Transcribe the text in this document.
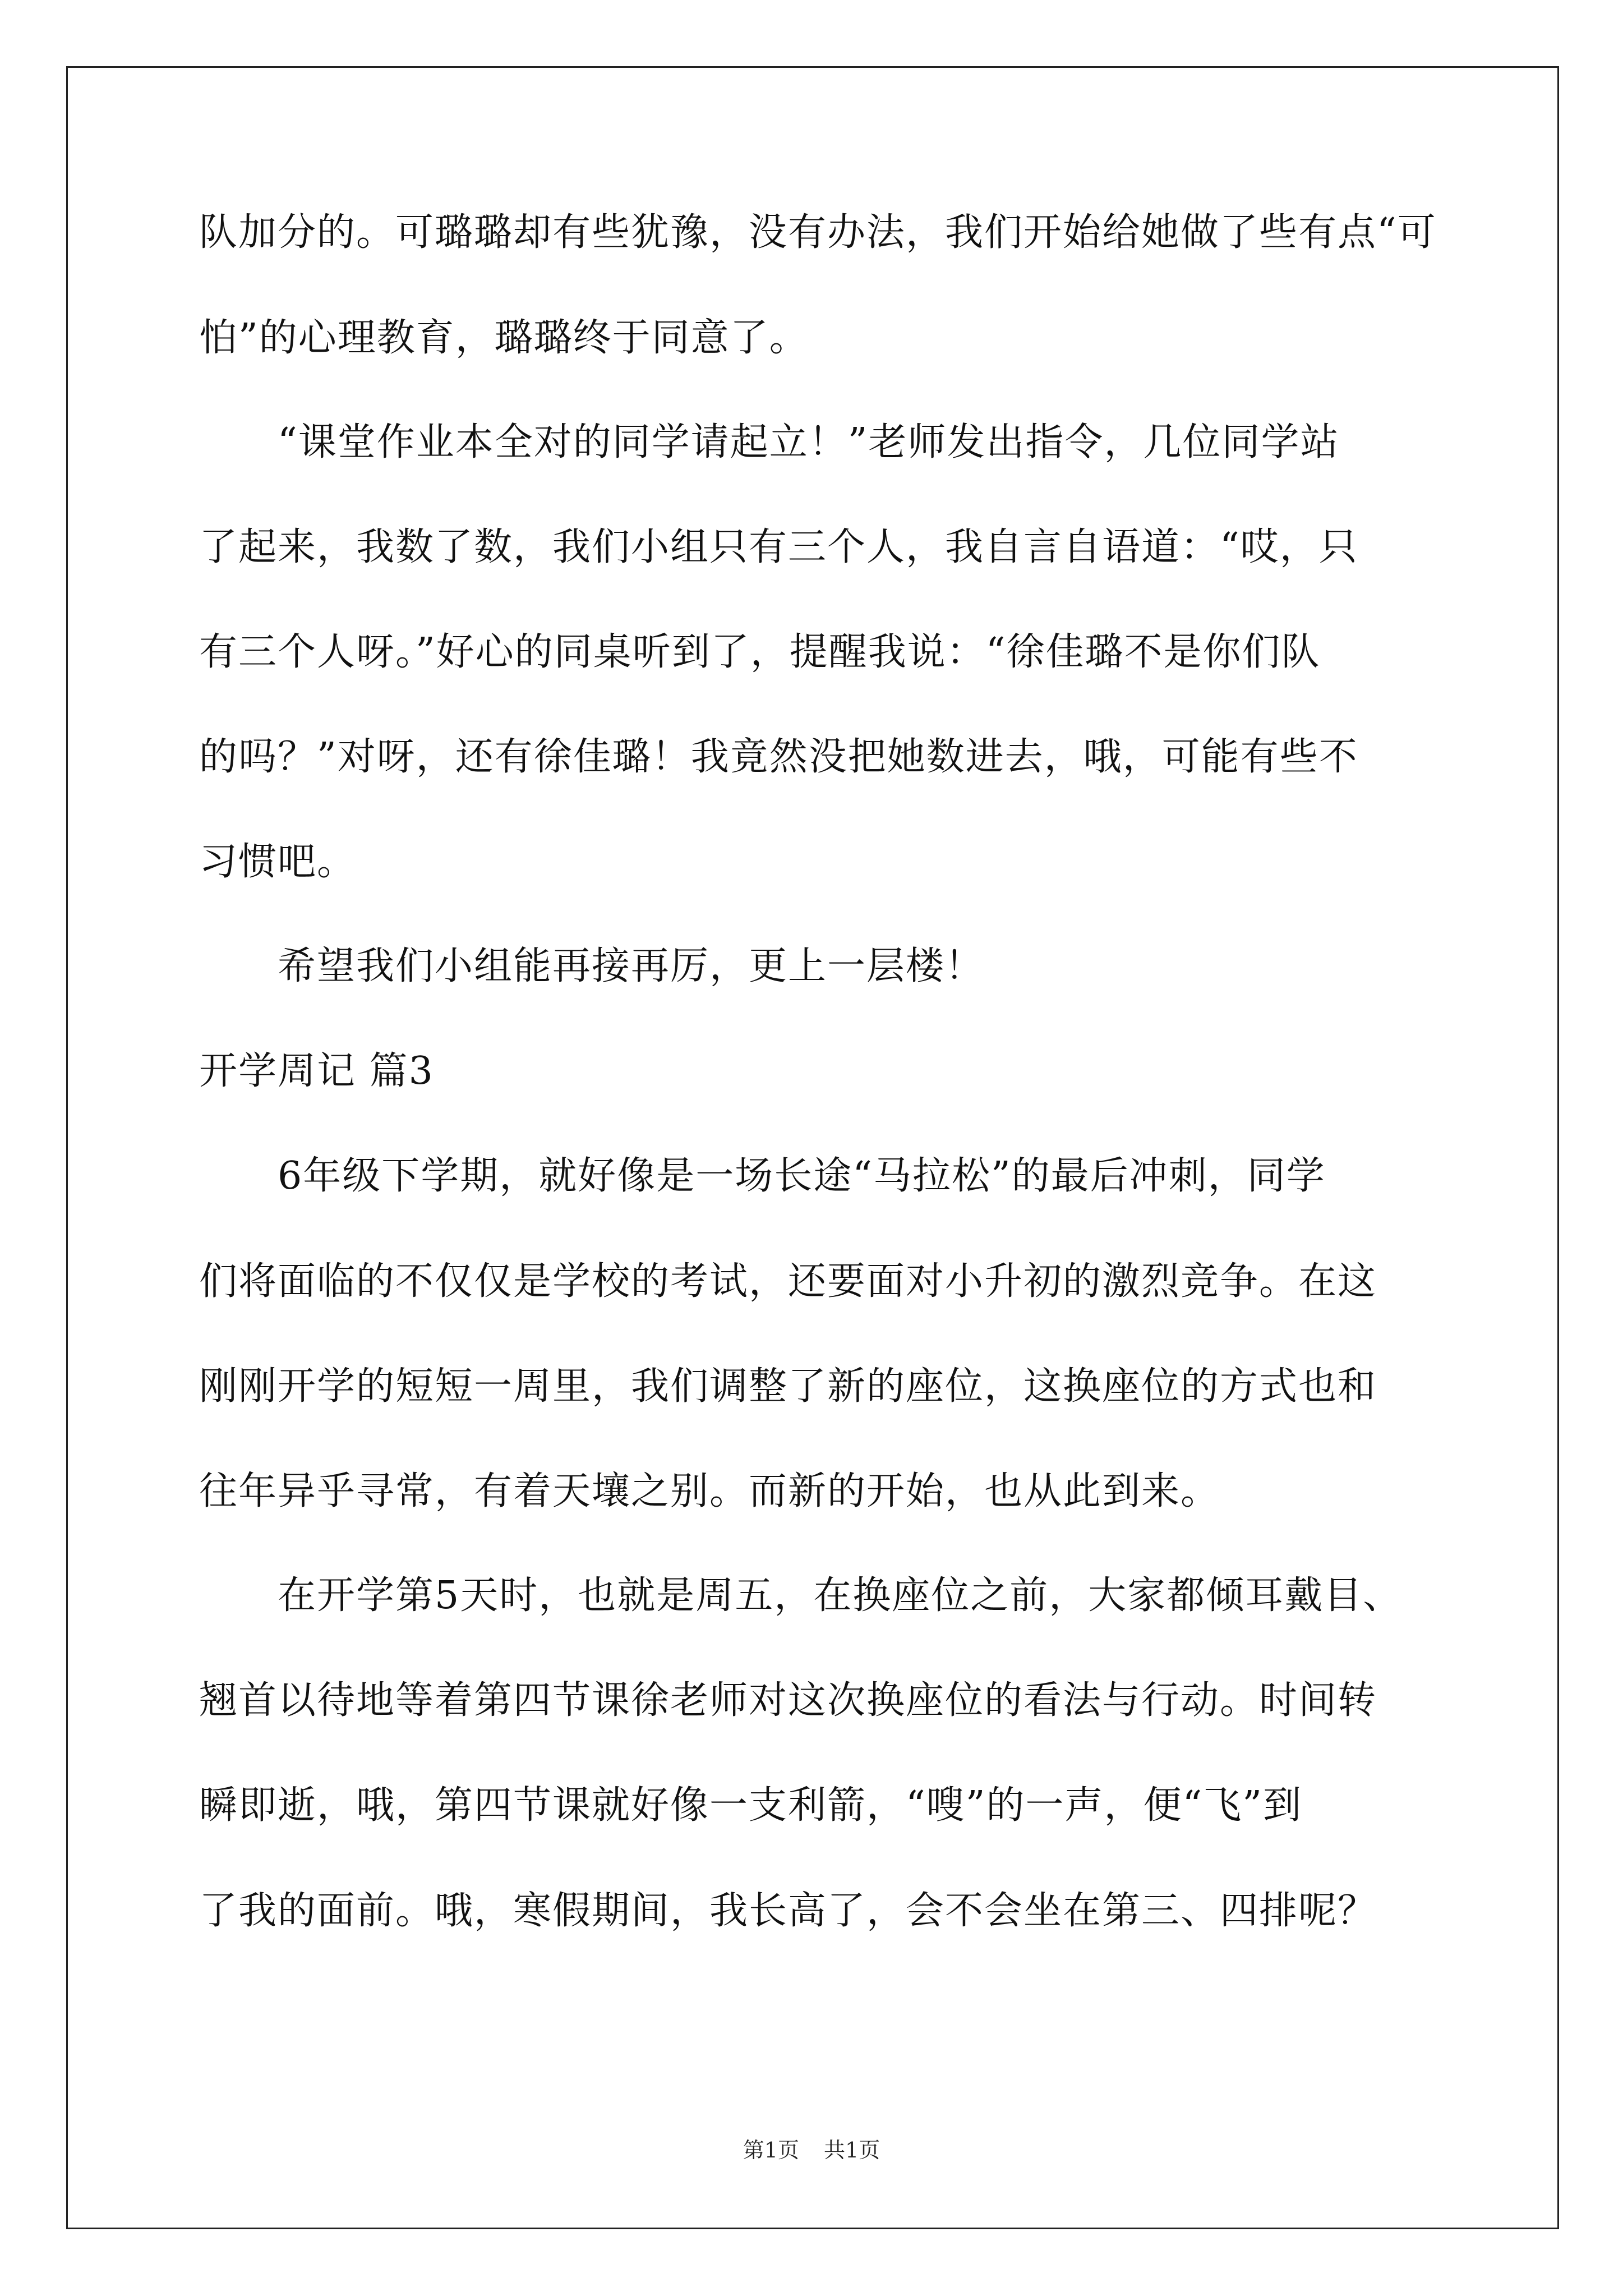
队加分的。可璐璐却有些犹豫，没有办法，我们开始给她做了些有点“可
怕”的心理教育，璐璐终于同意了。
　　“课堂作业本全对的同学请起立！”老师发出指令，几位同学站
了起来，我数了数，我们小组只有三个人，我自言自语道：“哎，只
有三个人呀。”好心的同桌听到了，提醒我说：“徐佳璐不是你们队
的吗？”对呀，还有徐佳璐！我竟然没把她数进去，哦，可能有些不
习惯吧。
　　希望我们小组能再接再厉，更上一层楼！
开学周记 篇3
　　6年级下学期，就好像是一场长途“马拉松”的最后冲刺，同学
们将面临的不仅仅是学校的考试，还要面对小升初的激烈竞争。在这
刚刚开学的短短一周里，我们调整了新的座位，这换座位的方式也和
往年异乎寻常，有着天壤之别。而新的开始，也从此到来。
　　在开学第5天时，也就是周五，在换座位之前，大家都倾耳戴目、
翘首以待地等着第四节课徐老师对这次换座位的看法与行动。时间转
瞬即逝，哦，第四节课就好像一支利箭，“嗖”的一声，便“飞”到
了我的面前。哦，寒假期间，我长高了，会不会坐在第三、四排呢？
第1页 共1页
